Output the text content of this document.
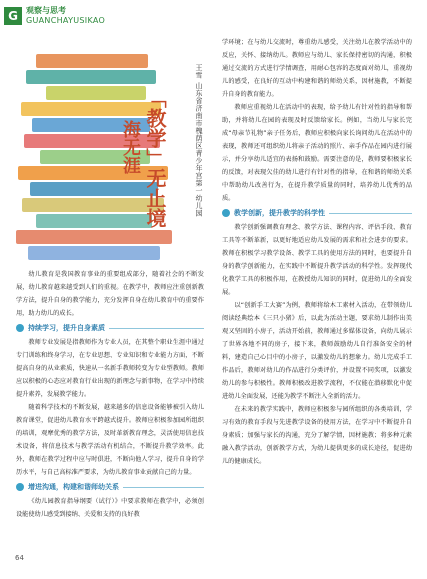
G	观察与思考
GUANCHAYUSIKAO
「教学」无止境
海无涯	王雪 山东省济南市槐荫区青少年宫第一幼儿园

幼儿教育是我国教育事业的重要组成部分，随着社会的不断发展，幼儿教育越来越受到人们的重视。在教学中，教师应注重创新教学方法，提升自身的教学能力，充分发挥自身在幼儿教育中的重要作用，助力幼儿的成长。

持续学习，提升自身素质

教师专业发展是指教师作为专业人员，在其整个职业生涯中通过专门训练和终身学习，在专业思想、专业知识和专业能力方面，不断提高自身的从业素质，快速从一名新手教师转变为专业型教师。教师应以积极的心态应对教育行业出现的新理念与新事物，在学习中持续提升素养，发展教学能力。

随着科学技术的不断发展，越来越多的信息设备能够被引入幼儿教育课堂，促进幼儿教育水平跨越式提升。教师应积极参加园所组织的培训，观摩优秀的教学方法，及时革新教育理念，灵活使用信息技术设备，将信息技术与教学活动有机结合，不断提升教学效率。此外，教师在教学过程中应与时俱进，不断向他人学习，提升自身的学历水平，与自己高标准严要求，为幼儿教育事业贡献自己的力量。

增进沟通，构建和谐师幼关系

《幼儿园教育指导纲要（试行）》中要求教师在教学中，必须创设能使幼儿感受到接纳、关爱和支持的良好教

学环境；在与幼儿交流时，尊重幼儿感受，关注幼儿在教学活动中的反应，关怀、接纳幼儿。教师应与幼儿、家长保持密切的沟通，积极通过交流的方式进行学情调查，用耐心包容的态度面对幼儿，重视幼儿的感受，在良好的互动中构建和谐的师幼关系，因材施教，不断提升自身的教育能力。

教师应重视幼儿在活动中的表现，给予幼儿有针对性的指导和帮助，并将幼儿在园的表现及时反馈给家长。例如，当幼儿与家长完成“母亲节礼物”亲子任务后，教师应积极向家长询问幼儿在活动中的表现，教师还可组织幼儿将亲子活动的照片、亲手作品在园内进行展示，并分享幼儿适宜的表扬和鼓励。需要注意的是，教师要积极家长的反馈，对表现欠佳的幼儿进行有针对性的指导，在和谐的师幼关系中帮助幼儿改善行为，在提升教学质量的同时，培养幼儿优秀的品质。

教学创新，提升教学的科学性

教学创新强调教育理念、教学方法、课程内容、评估手段、教育工具等不断革新，以更好地适应幼儿发展的需求和社会进步的要求。教师在积极学习教学设备、教学工具的使用方法的同时，也要提升自身的教学创新能力，在实践中不断提升教学活动的科学性。发挥现代化教学工具的积极作用，在教授幼儿知识的同时，促进幼儿的全面发展。

以“创新手工大赛”为例，教师将给木工素材入活动，在带领幼儿阅读经典绘本《三只小猪》后，以此为活动主题，要求幼儿制作出美观又坚固的小房子，活动开始前，教师通过多媒体设备，向幼儿展示了世界各地不同的房子，接下来，教师鼓励幼儿自行准备安全的材料，建造自己心目中的小房子，以激发幼儿的想象力。幼儿完成手工作品后，教师对幼儿的作品进行分类评价，并设置不同奖项，以激发幼儿的参与积极性。教师积极改进教学流程，不仅能在潜移默化中促进幼儿全面发展，还能为教学不断注入全新的活力。

在未来的教学实践中，教师应积极参与园所组织的各类培训，学习有效的教育手段与先进教学设备的使用方法，在学习中不断提升自身素质；加强与家长的沟通，充分了解学情，因材施教；将多种元素融入教学活动，创新教学方式，为幼儿提供更多的成长途径，促进幼儿的健康成长。

64
